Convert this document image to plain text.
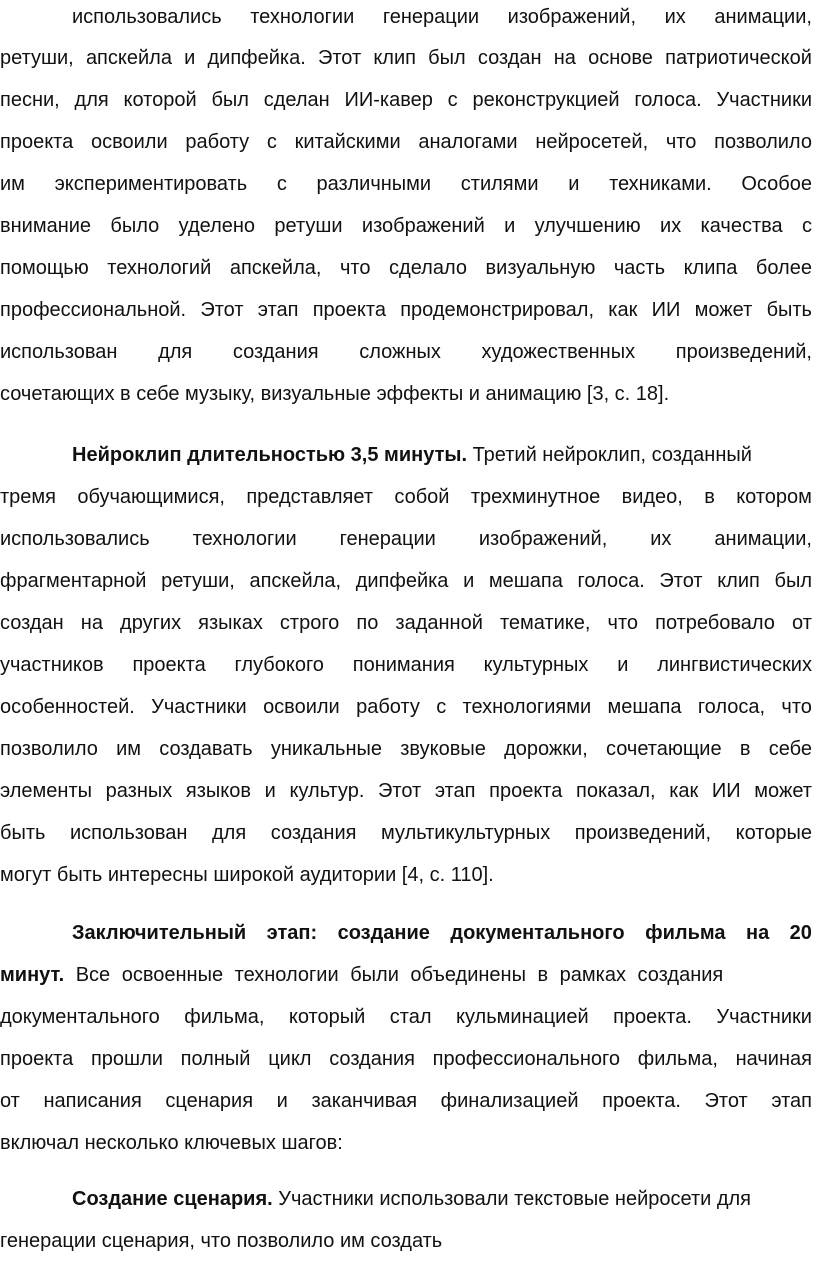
использовались технологии генерации изображений, их анимации,
ретуши, апскейла и дипфейка. Этот клип был создан на основе патриотической
песни, для которой был сделан ИИ-кавер с реконструкцией голоса. Участники
проекта освоили работу с китайскими аналогами нейросетей, что позволило
им экспериментировать с различными стилями и техниками. Особое
внимание было уделено ретуши изображений и улучшению их качества с
помощью технологий апскейла, что сделало визуальную часть клипа более
профессиональной. Этот этап проекта продемонстрировал, как ИИ может быть
использован для создания сложных художественных произведений,
сочетающих в себе музыку, визуальные эффекты и анимацию [3, с. 18].
Нейроклип длительностью 3,5 минуты. Третий нейроклип, созданный
тремя обучающимися, представляет собой трехминутное видео, в котором
использовались технологии генерации изображений, их анимации,
фрагментарной ретуши, апскейла, дипфейка и мешапа голоса. Этот клип был
создан на других языках строго по заданной тематике, что потребовало от
участников проекта глубокого понимания культурных и лингвистических
особенностей. Участники освоили работу с технологиями мешапа голоса, что
позволило им создавать уникальные звуковые дорожки, сочетающие в себе
элементы разных языков и культур. Этот этап проекта показал, как ИИ может
быть использован для создания мультикультурных произведений, которые
могут быть интересны широкой аудитории [4, с. 110].
Заключительный этап: создание документального фильма на 20
минут. Все освоенные технологии были объединены в рамках создания
документального фильма, который стал кульминацией проекта. Участники
проекта прошли полный цикл создания профессионального фильма, начиная
от написания сценария и заканчивая финализацией проекта. Этот этап
включал несколько ключевых шагов:
Создание сценария. Участники использовали текстовые нейросети для
генерации сценария, что позволило им создать
